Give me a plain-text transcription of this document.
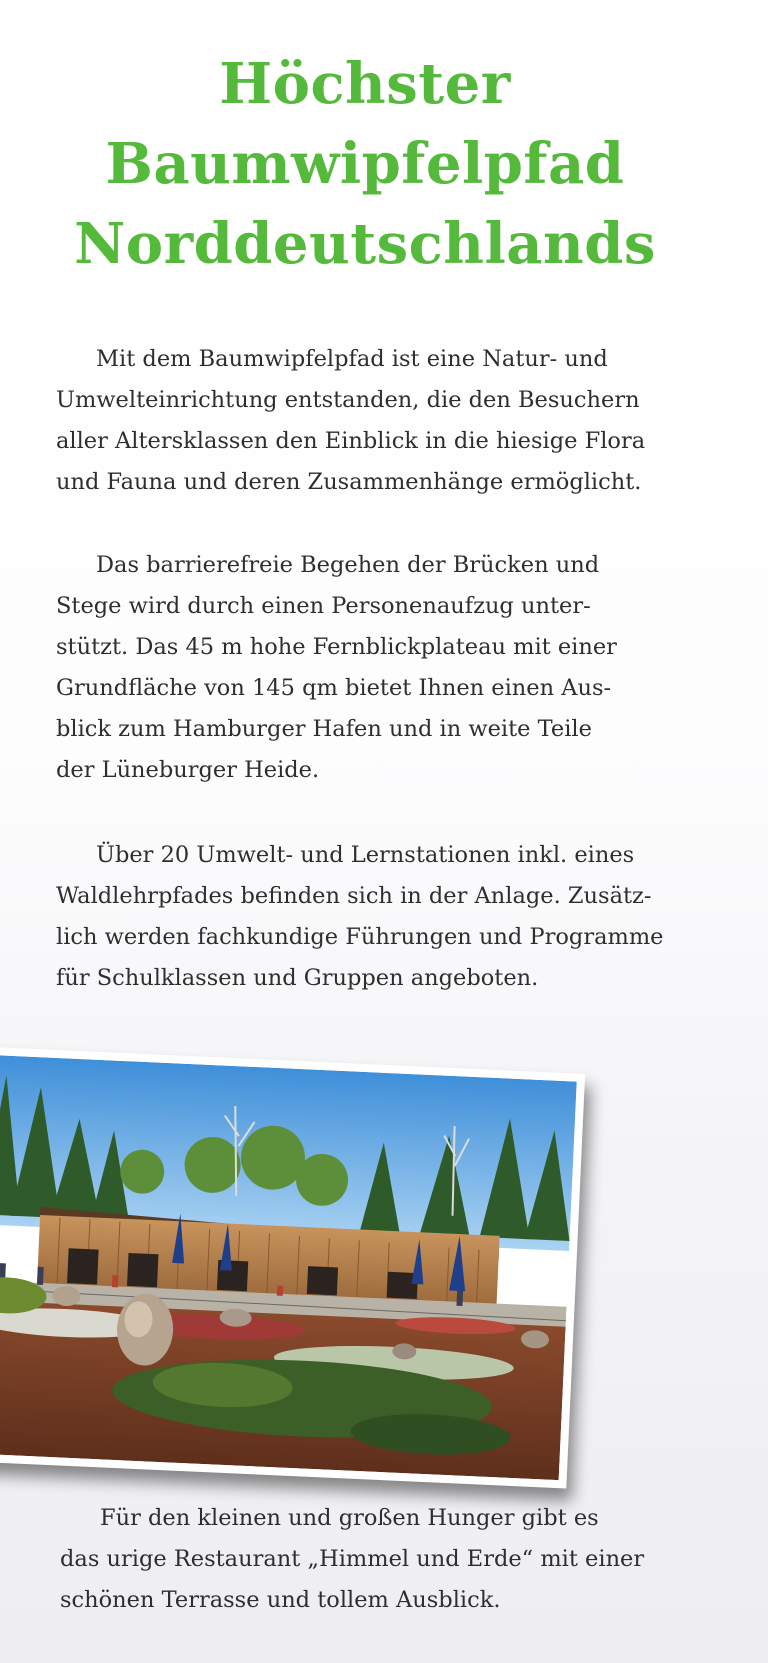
Höchster
Baumwipfelpfad
Norddeutschlands

Mit dem Baumwipfelpfad ist eine Natur- und
Umwelteinrichtung entstanden, die den Besuchern
aller Altersklassen den Einblick in die hiesige Flora
und Fauna und deren Zusammenhänge ermöglicht.

Das barrierefreie Begehen der Brücken und
Stege wird durch einen Personenaufzug unter-
stützt. Das 45 m hohe Fernblickplateau mit einer
Grundfläche von 145 qm bietet Ihnen einen Aus-
blick zum Hamburger Hafen und in weite Teile
der Lüneburger Heide.

Über 20 Umwelt- und Lernstationen inkl. eines
Waldlehrpfades befinden sich in der Anlage. Zusätz-
lich werden fachkundige Führungen und Programme
für Schulklassen und Gruppen angeboten.

Für den kleinen und großen Hunger gibt es
das urige Restaurant „Himmel und Erde“ mit einer
schönen Terrasse und tollem Ausblick.
